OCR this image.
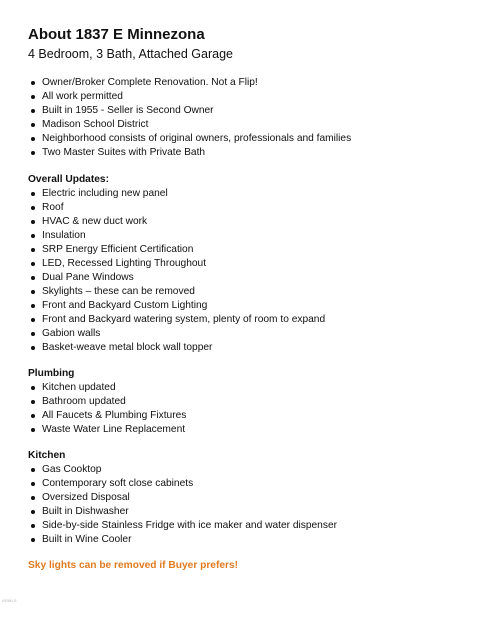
About 1837 E Minnezona
4 Bedroom, 3 Bath, Attached Garage
Owner/Broker Complete Renovation. Not a Flip!
All work permitted
Built in 1955 - Seller is Second Owner
Madison School District
Neighborhood consists of original owners, professionals and families
Two Master Suites with Private Bath
Overall Updates:
Electric including new panel
Roof
HVAC & new duct work
Insulation
SRP Energy Efficient Certification
LED, Recessed Lighting Throughout
Dual Pane Windows
Skylights – these can be removed
Front and Backyard Custom Lighting
Front and Backyard watering system, plenty of room to expand
Gabion walls
Basket-weave metal block wall topper
Plumbing
Kitchen updated
Bathroom updated
All Faucets & Plumbing Fixtures
Waste Water Line Replacement
Kitchen
Gas Cooktop
Contemporary soft close cabinets
Oversized Disposal
Built in Dishwasher
Side-by-side Stainless Fridge with ice maker and water dispenser
Built in Wine Cooler
Sky lights can be removed if Buyer prefers!
ARMLS
